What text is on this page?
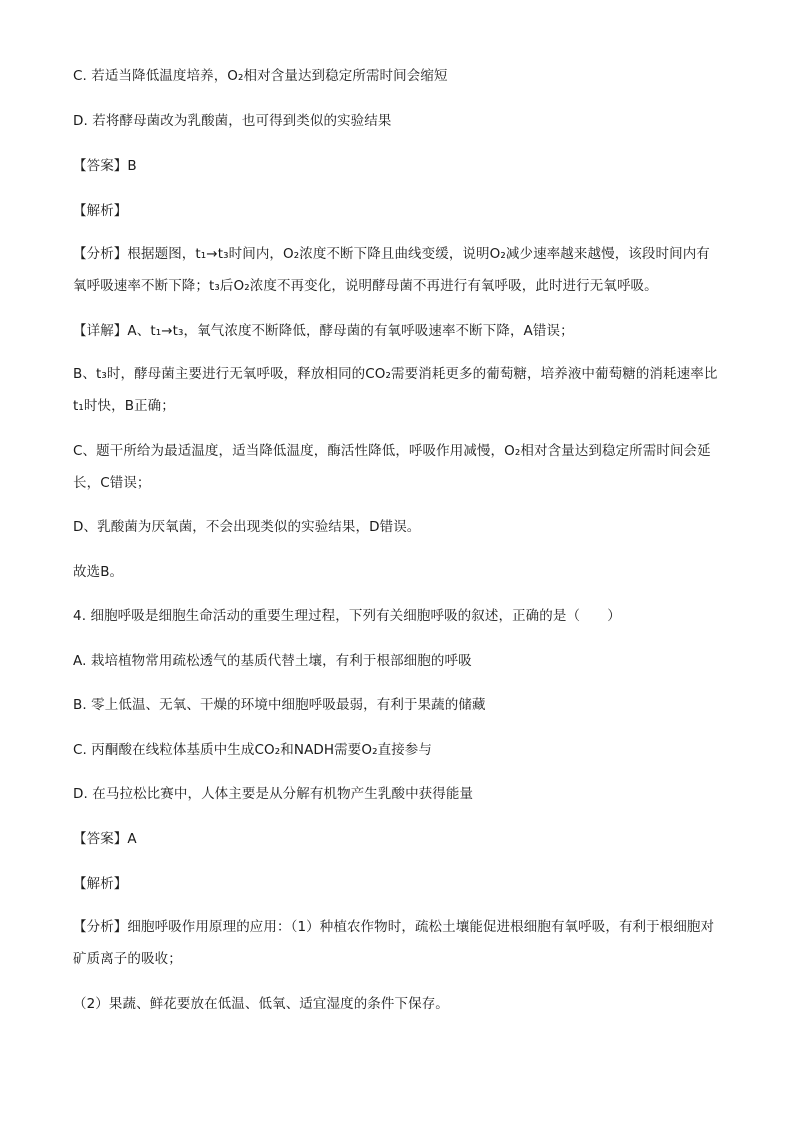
C. 若适当降低温度培养，O₂相对含量达到稳定所需时间会缩短
D. 若将酵母菌改为乳酸菌，也可得到类似的实验结果
【答案】B
【解析】
【分析】根据题图，t₁→t₃时间内，O₂浓度不断下降且曲线变缓，说明O₂减少速率越来越慢，该段时间内有氧呼吸速率不断下降；t₃后O₂浓度不再变化，说明酵母菌不再进行有氧呼吸，此时进行无氧呼吸。
【详解】A、t₁→t₃，氧气浓度不断降低，酵母菌的有氧呼吸速率不断下降，A错误；
B、t₃时，酵母菌主要进行无氧呼吸，释放相同的CO₂需要消耗更多的葡萄糖，培养液中葡萄糖的消耗速率比t₁时快，B正确；
C、题干所给为最适温度，适当降低温度，酶活性降低，呼吸作用减慢，O₂相对含量达到稳定所需时间会延长，C错误；
D、乳酸菌为厌氧菌，不会出现类似的实验结果，D错误。
故选B。
4. 细胞呼吸是细胞生命活动的重要生理过程，下列有关细胞呼吸的叙述，正确的是（　　）
A. 栽培植物常用疏松透气的基质代替土壤，有利于根部细胞的呼吸
B. 零上低温、无氧、干燥的环境中细胞呼吸最弱，有利于果蔬的储藏
C. 丙酮酸在线粒体基质中生成CO₂和NADH需要O₂直接参与
D. 在马拉松比赛中，人体主要是从分解有机物产生乳酸中获得能量
【答案】A
【解析】
【分析】细胞呼吸作用原理的应用：（1）种植农作物时，疏松土壤能促进根细胞有氧呼吸，有利于根细胞对矿质离子的吸收；
（2）果蔬、鲜花要放在低温、低氧、适宜湿度的条件下保存。
